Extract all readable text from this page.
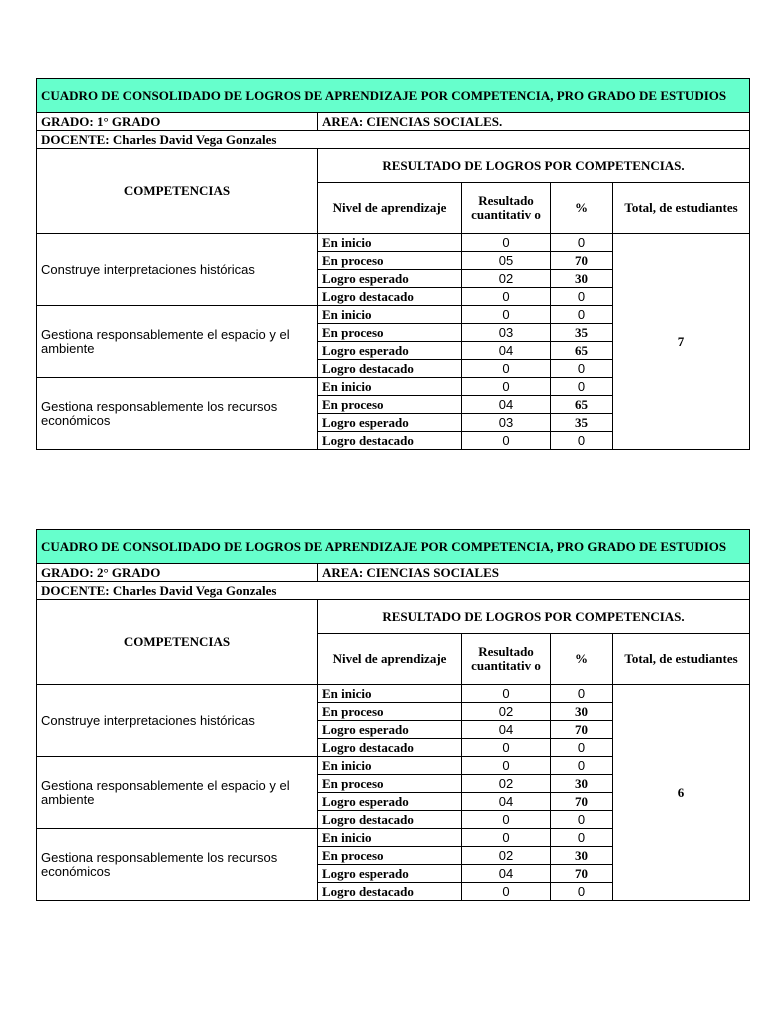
CUADRO DE CONSOLIDADO DE LOGROS DE APRENDIZAJE POR COMPETENCIA, PRO GRADO DE ESTUDIOS				
GRADO: 1° GRADO	AREA: CIENCIAS SOCIALES.			
DOCENTE: Charles David Vega Gonzales				
COMPETENCIAS	RESULTADO DE LOGROS POR COMPETENCIAS.			
	Nivel de aprendizaje	Resultado cuantitativ o	%	Total, de estudiantes
Construye interpretaciones históricas	En inicio	0	0	7
	En proceso	05	70	
	Logro esperado	02	30	
	Logro destacado	0	0	
Gestiona responsablemente el espacio y el ambiente	En inicio	0	0	
	En proceso	03	35	
	Logro esperado	04	65	
	Logro destacado	0	0	
Gestiona responsablemente los recursos económicos	En inicio	0	0	
	En proceso	04	65	
	Logro esperado	03	35	
	Logro destacado	0	0	
CUADRO DE CONSOLIDADO DE LOGROS DE APRENDIZAJE POR COMPETENCIA, PRO GRADO DE ESTUDIOS				
GRADO: 2° GRADO	AREA: CIENCIAS SOCIALES			
DOCENTE: Charles David Vega Gonzales				
COMPETENCIAS	RESULTADO DE LOGROS POR COMPETENCIAS.			
	Nivel de aprendizaje	Resultado cuantitativ o	%	Total, de estudiantes
Construye interpretaciones históricas	En inicio	0	0	6
	En proceso	02	30	
	Logro esperado	04	70	
	Logro destacado	0	0	
Gestiona responsablemente el espacio y el ambiente	En inicio	0	0	
	En proceso	02	30	
	Logro esperado	04	70	
	Logro destacado	0	0	
Gestiona responsablemente los recursos económicos	En inicio	0	0	
	En proceso	02	30	
	Logro esperado	04	70	
	Logro destacado	0	0	
